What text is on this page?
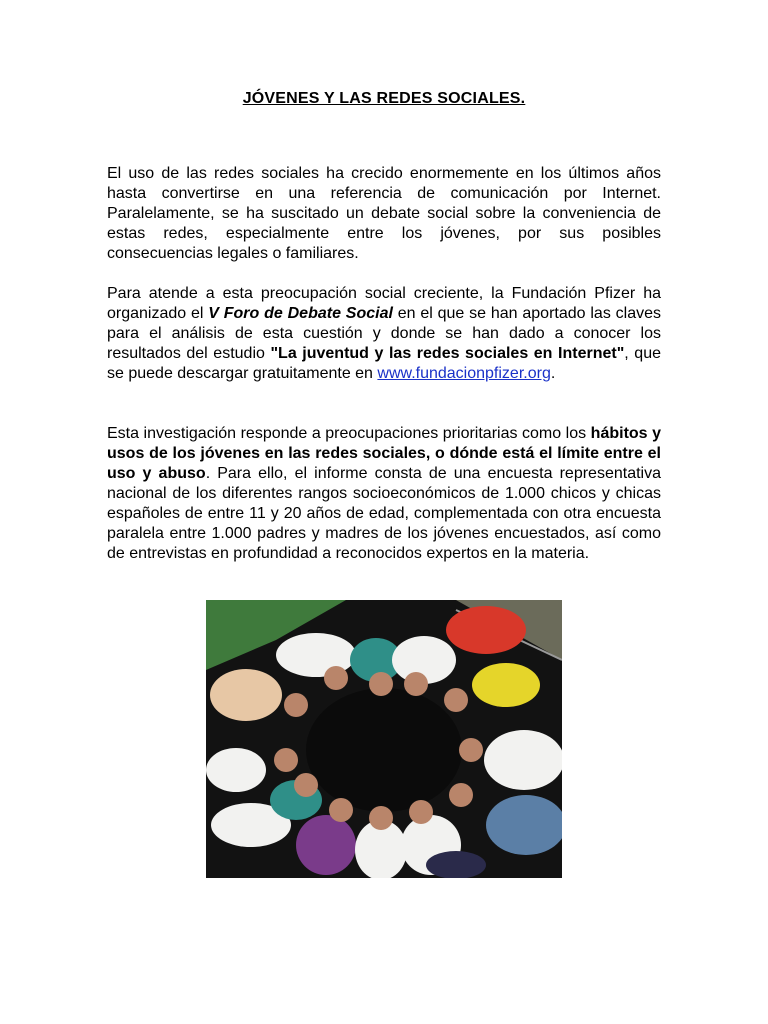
JÓVENES Y LAS REDES SOCIALES.

El uso de las redes sociales ha crecido enormemente en los últimos años hasta convertirse en una referencia de comunicación por Internet. Paralelamente, se ha suscitado un debate social sobre la conveniencia de estas redes, especialmente entre los jóvenes, por sus posibles consecuencias legales o familiares.

Para atende a esta preocupación social creciente, la Fundación Pfizer ha organizado el V Foro de Debate Social en el que se han aportado las claves para el análisis de esta cuestión y donde se han dado a conocer los resultados del estudio "La juventud y las redes sociales en Internet", que se puede descargar gratuitamente en www.fundacionpfizer.org.

Esta investigación responde a preocupaciones prioritarias como los hábitos y usos de los jóvenes en las redes sociales, o dónde está el límite entre el uso y abuso. Para ello, el informe consta de una encuesta representativa nacional de los diferentes rangos socioeconómicos de 1.000 chicos y chicas españoles de entre 11 y 20 años de edad, complementada con otra encuesta paralela entre 1.000 padres y madres de los jóvenes encuestados, así como de entrevistas en profundidad a reconocidos expertos en la materia.
